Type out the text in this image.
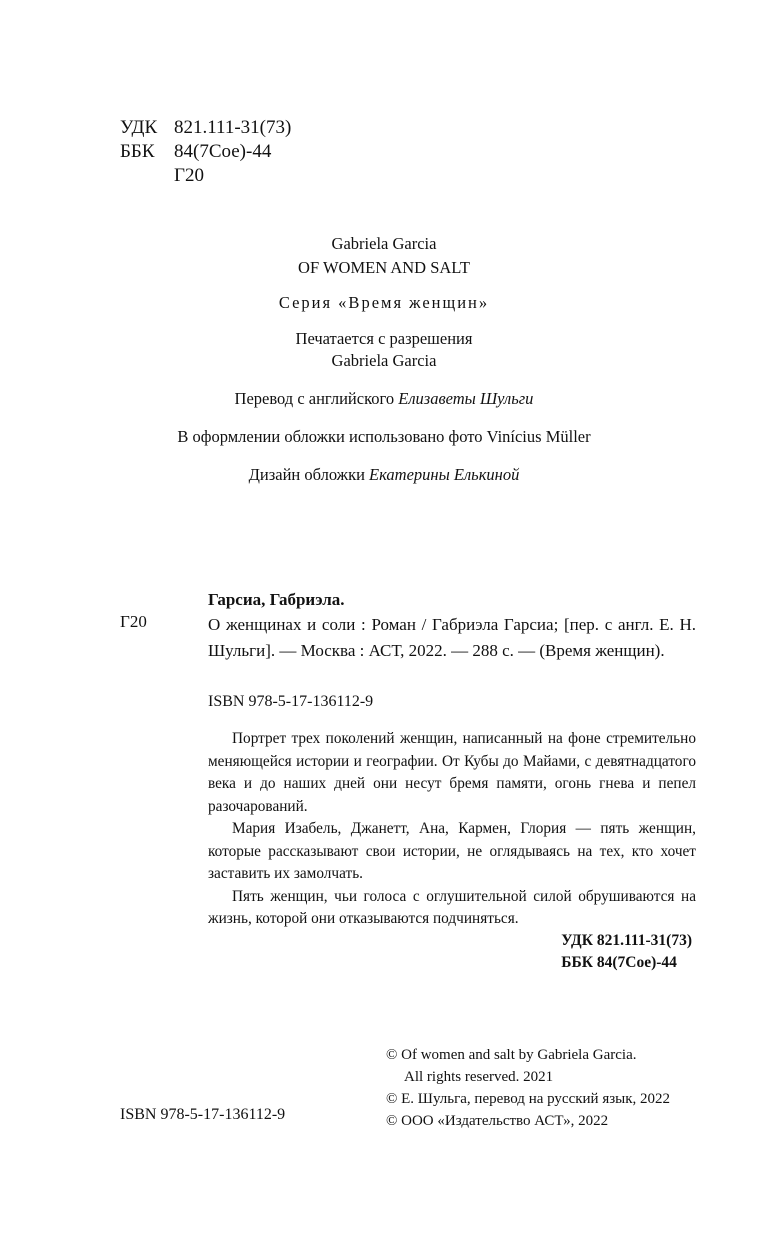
УДК 821.111-31(73)
ББК	84(7Сое)-44
Г20
Gabriela Garcia
OF WOMEN AND SALT
Серия «Время женщин»
Печатается с разрешения
Gabriela Garcia
Перевод с английского Елизаветы Шульги
В оформлении обложки использовано фото Vinícius Müller
Дизайн обложки Екатерины Елькиной
Гарсиа, Габриэла.
Г20	О женщинах и соли : Роман / Габриэла Гарсиа; [пер. с англ. Е. Н. Шульги]. — Москва : АСТ, 2022. — 288 с. — (Время женщин).
ISBN 978-5-17-136112-9

Портрет трех поколений женщин, написанный на фоне стремительно меняющейся истории и географии. От Кубы до Майами, с девятнадцатого века и до наших дней они несут бремя памяти, огонь гнева и пепел разочарований.

Мария Изабель, Джанетт, Ана, Кармен, Глория — пять женщин, которые рассказывают свои истории, не оглядываясь на тех, кто хочет заставить их замолчать.

Пять женщин, чьи голоса с оглушительной силой обрушиваются на жизнь, которой они отказываются подчиняться.

УДК 821.111-31(73)
ББК 84(7Сое)-44
© Of women and salt by Gabriela Garcia.
All rights reserved. 2021
© Е. Шульга, перевод на русский язык, 2022
© ООО «Издательство АСТ», 2022
ISBN 978-5-17-136112-9
